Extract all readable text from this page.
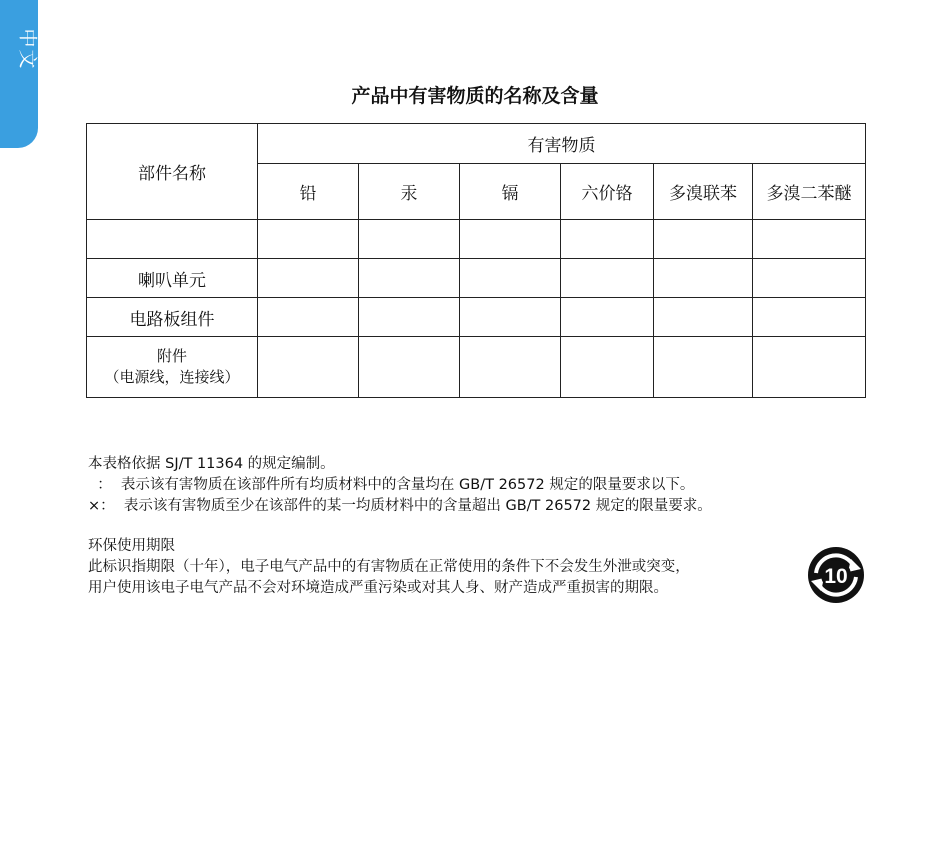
中文
产品中有害物质的名称及含量
部件名称	有害物质					
	铅	汞	镉	六价铬	多溴联苯	多溴二苯醚

喇叭单元						
电路板组件						

附件
（电源线，连接线）						

本表格依据 SJ/T 11364 的规定编制。
：  表示该有害物质在该部件所有均质材料中的含量均在 GB/T 26572 规定的限量要求以下。
×：  表示该有害物质至少在该部件的某一均质材料中的含量超出 GB/T 26572 规定的限量要求。
环保使用期限
此标识指期限（十年），电子电气产品中的有害物质在正常使用的条件下不会发生外泄或突变，
用户使用该电子电气产品不会对环境造成严重污染或对其人身、财产造成严重损害的期限。	10
